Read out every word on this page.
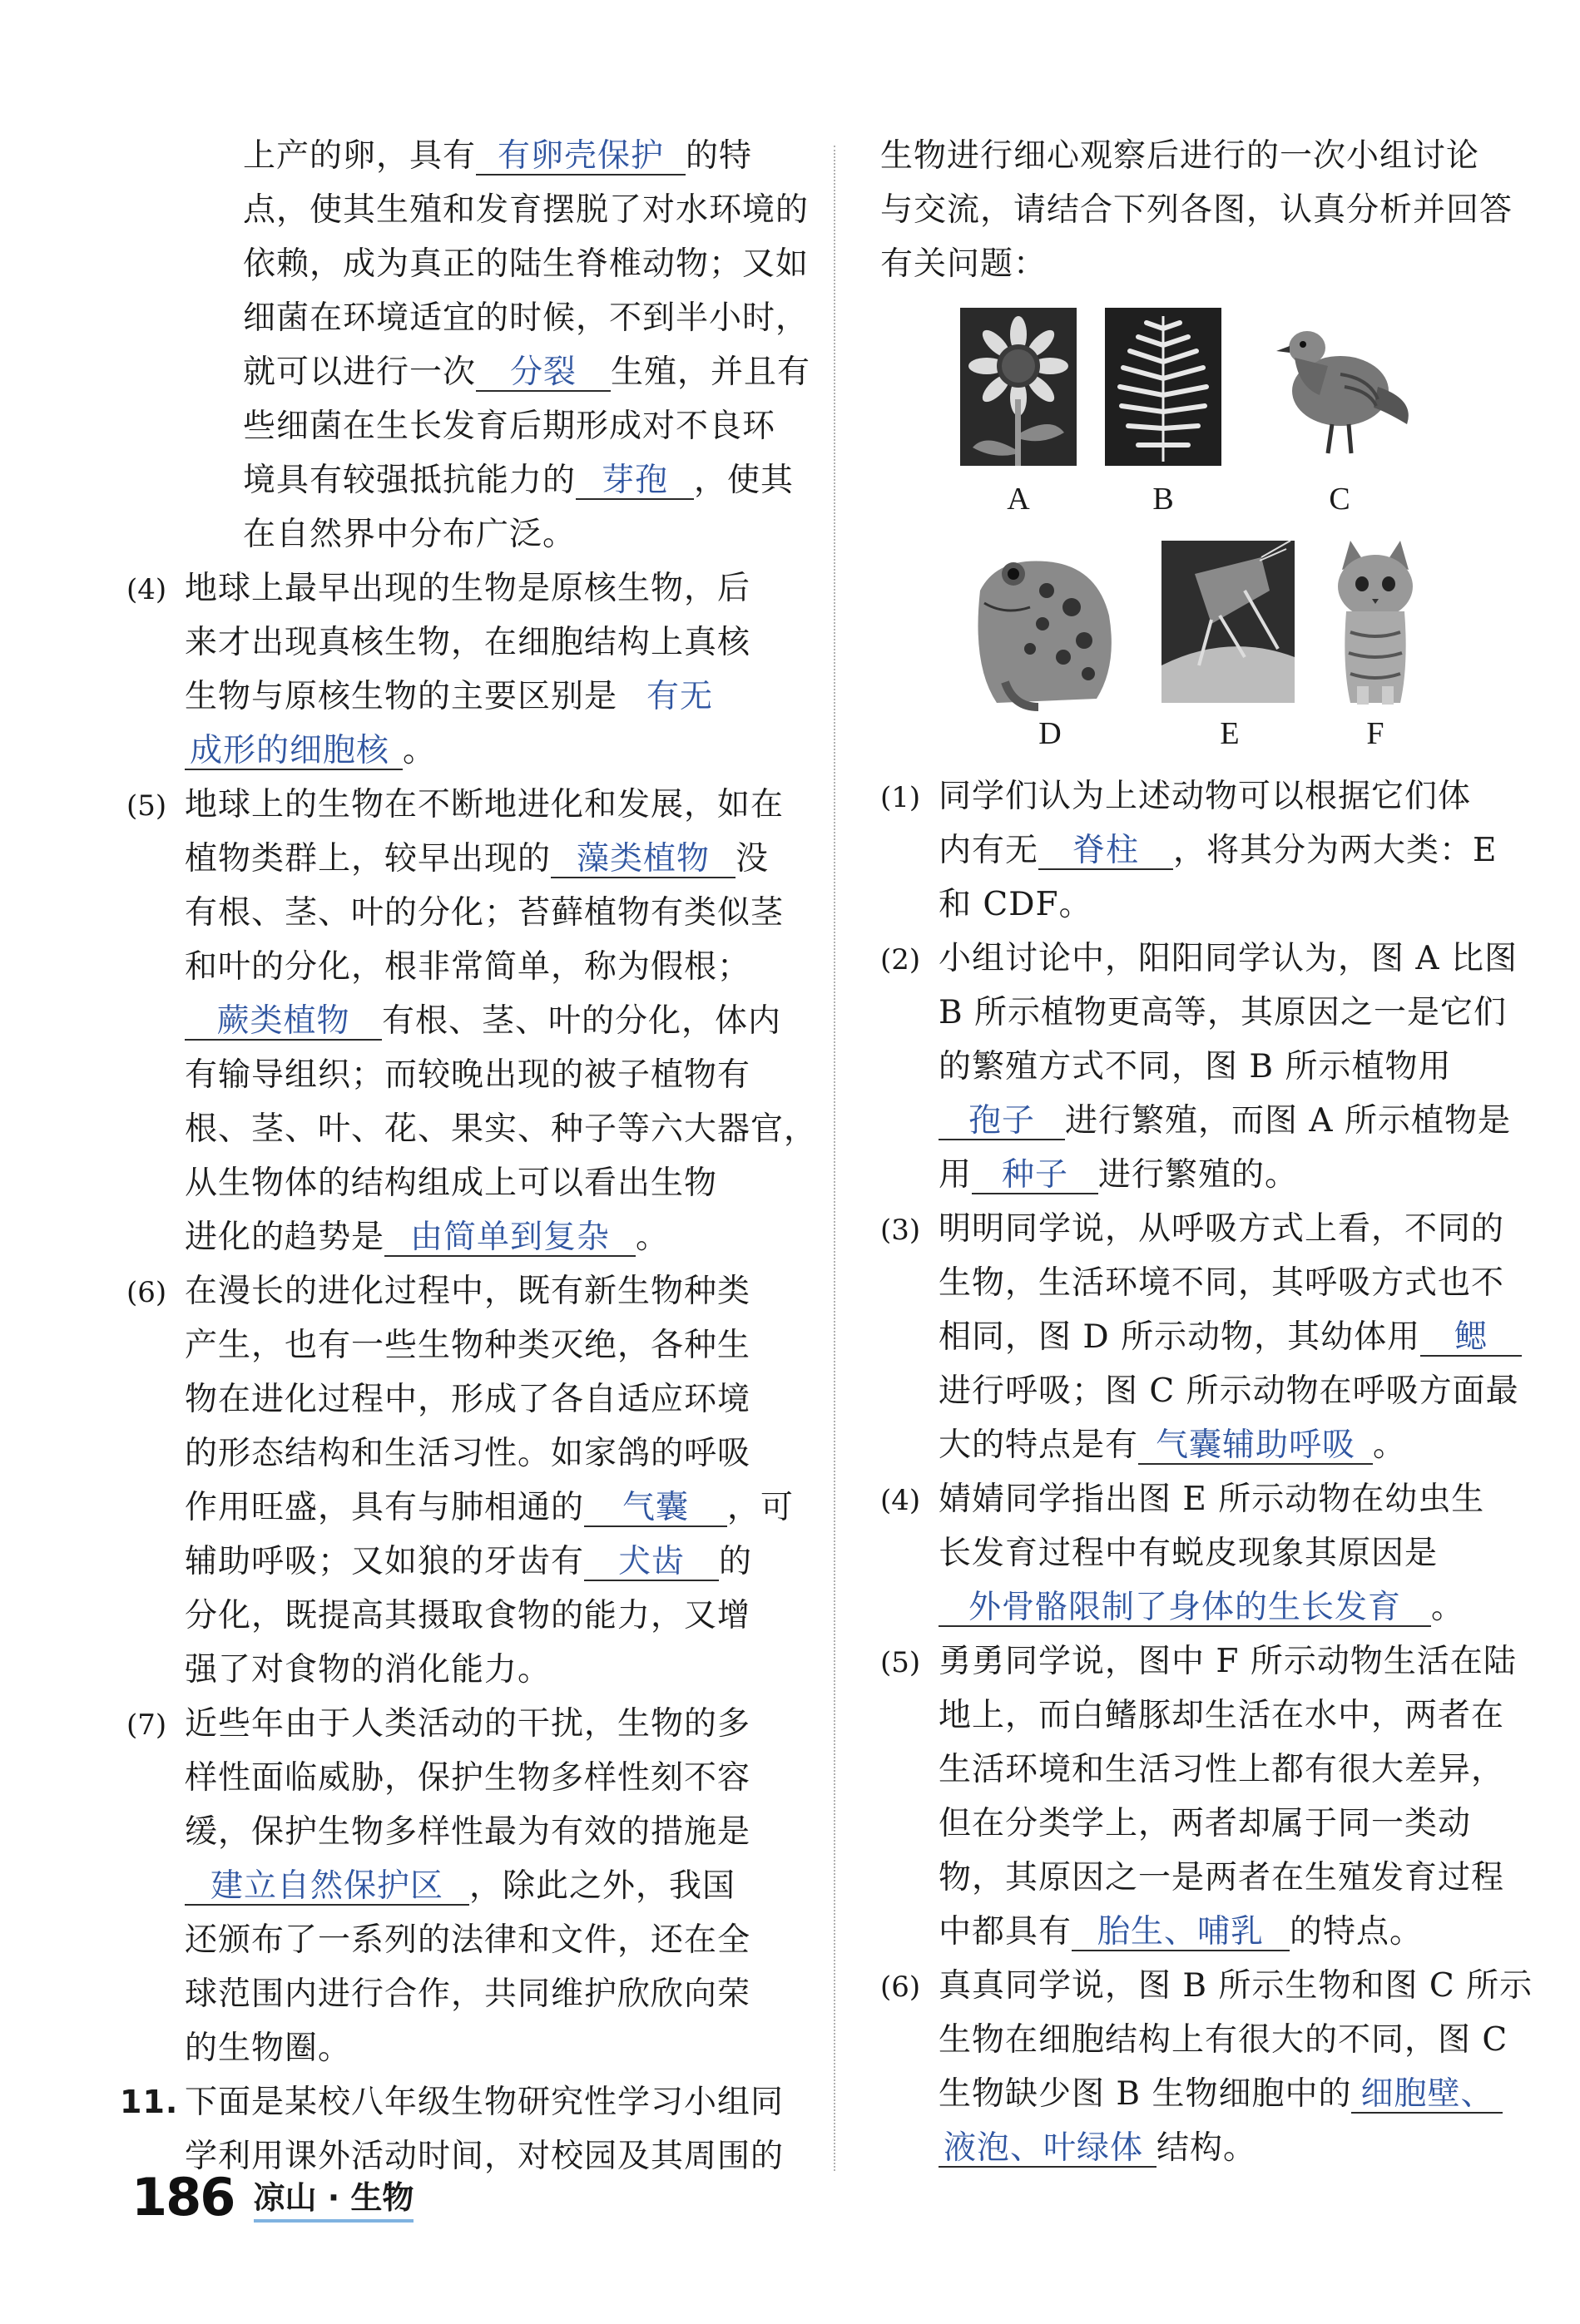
上产的卵，具有 有卵壳保护 的特
点，使其生殖和发育摆脱了对水环境的
依赖，成为真正的陆生脊椎动物；又如
细菌在环境适宜的时候，不到半小时，
就可以进行一次 分裂 生殖，并且有
些细菌在生长发育后期形成对不良环
境具有较强抵抗能力的 芽孢 ，使其
在自然界中分布广泛。
(4) 地球上最早出现的生物是原核生物，后
来才出现真核生物，在细胞结构上真核
生物与原核生物的主要区别是 有无
成形的细胞核 。
(5) 地球上的生物在不断地进化和发展，如在
植物类群上，较早出现的 藻类植物 没
有根、茎、叶的分化；苔藓植物有类似茎
和叶的分化，根非常简单，称为假根；
蕨类植物 有根、茎、叶的分化，体内
有输导组织；而较晚出现的被子植物有
根、茎、叶、花、果实、种子等六大器官，
从生物体的结构组成上可以看出生物
进化的趋势是 由简单到复杂 。
(6) 在漫长的进化过程中，既有新生物种类
产生，也有一些生物种类灭绝，各种生
物在进化过程中，形成了各自适应环境
的形态结构和生活习性。如家鸽的呼吸
作用旺盛，具有与肺相通的 气囊 ，可
辅助呼吸；又如狼的牙齿有 犬齿 的
分化，既提高其摄取食物的能力，又增
强了对食物的消化能力。
(7) 近些年由于人类活动的干扰，生物的多
样性面临威胁，保护生物多样性刻不容
缓，保护生物多样性最为有效的措施是
建立自然保护区 ，除此之外，我国
还颁布了一系列的法律和文件，还在全
球范围内进行合作，共同维护欣欣向荣
的生物圈。
11. 下面是某校八年级生物研究性学习小组同
学利用课外活动时间，对校园及其周围的
生物进行细心观察后进行的一次小组讨论
与交流，请结合下列各图，认真分析并回答
有关问题：
A	B	C
D	E	F
(1) 同学们认为上述动物可以根据它们体
内有无 脊柱 ，将其分为两大类：E
和 CDF。
(2) 小组讨论中，阳阳同学认为，图 A 比图
B 所示植物更高等，其原因之一是它们
的繁殖方式不同，图 B 所示植物用
孢子 进行繁殖，而图 A 所示植物是
用 种子 进行繁殖的。
(3) 明明同学说，从呼吸方式上看，不同的
生物，生活环境不同，其呼吸方式也不
相同，图 D 所示动物，其幼体用 鳃
进行呼吸；图 C 所示动物在呼吸方面最
大的特点是有 气囊辅助呼吸 。
(4) 婧婧同学指出图 E 所示动物在幼虫生
长发育过程中有蜕皮现象其原因是
外骨骼限制了身体的生长发育 。
(5) 勇勇同学说，图中 F 所示动物生活在陆
地上，而白鳍豚却生活在水中，两者在
生活环境和生活习性上都有很大差异，
但在分类学上，两者却属于同一类动
物，其原因之一是两者在生殖发育过程
中都具有 胎生、哺乳 的特点。
(6) 真真同学说，图 B 所示生物和图 C 所示
生物在细胞结构上有很大的不同，图 C
生物缺少图 B 生物细胞中的 细胞壁、
液泡、叶绿体 结构。
186 凉山 · 生物
